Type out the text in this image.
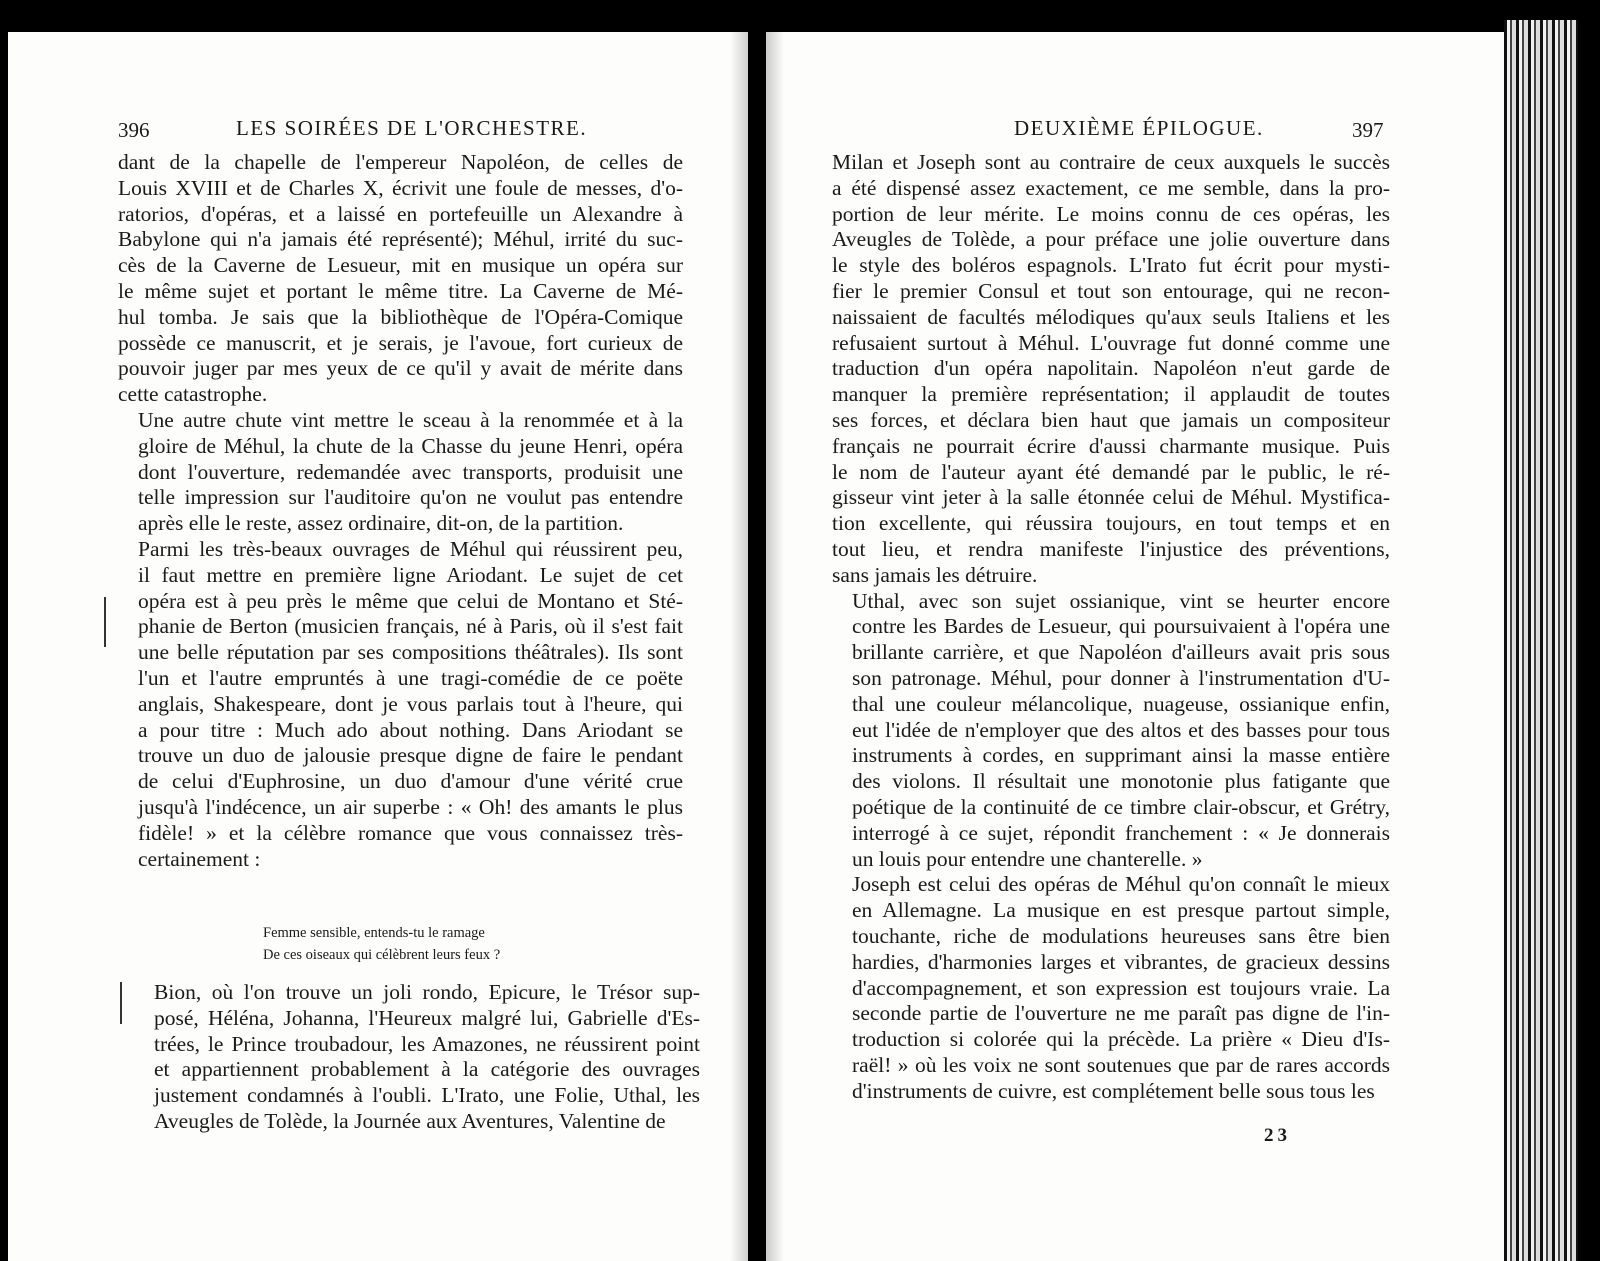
396	LES SOIRÉES DE L'ORCHESTRE.

dant de la chapelle de l'empereur Napoléon, de celles de
Louis XVIII et de Charles X, écrivit une foule de messes, d'o-
ratorios, d'opéras, et a laissé en portefeuille un Alexandre à
Babylone qui n'a jamais été représenté); Méhul, irrité du suc-
cès de la Caverne de Lesueur, mit en musique un opéra sur
le même sujet et portant le même titre. La Caverne de Mé-
hul tomba. Je sais que la bibliothèque de l'Opéra-Comique
possède ce manuscrit, et je serais, je l'avoue, fort curieux de
pouvoir juger par mes yeux de ce qu'il y avait de mérite dans
cette catastrophe.

Une autre chute vint mettre le sceau à la renommée et à la
gloire de Méhul, la chute de la Chasse du jeune Henri, opéra
dont l'ouverture, redemandée avec transports, produisit une
telle impression sur l'auditoire qu'on ne voulut pas entendre
après elle le reste, assez ordinaire, dit-on, de la partition.

Parmi les très-beaux ouvrages de Méhul qui réussirent peu,
il faut mettre en première ligne Ariodant. Le sujet de cet
opéra est à peu près le même que celui de Montano et Sté-
phanie de Berton (musicien français, né à Paris, où il s'est fait
une belle réputation par ses compositions théâtrales). Ils sont
l'un et l'autre empruntés à une tragi-comédie de ce poëte
anglais, Shakespeare, dont je vous parlais tout à l'heure, qui
a pour titre : Much ado about nothing. Dans Ariodant se
trouve un duo de jalousie presque digne de faire le pendant
de celui d'Euphrosine, un duo d'amour d'une vérité crue
jusqu'à l'indécence, un air superbe : « Oh! des amants le plus
fidèle! » et la célèbre romance que vous connaissez très-
certainement :

Femme sensible, entends-tu le ramage
De ces oiseaux qui célèbrent leurs feux ?

Bion, où l'on trouve un joli rondo, Epicure, le Trésor sup-
posé, Héléna, Johanna, l'Heureux malgré lui, Gabrielle d'Es-
trées, le Prince troubadour, les Amazones, ne réussirent point
et appartiennent probablement à la catégorie des ouvrages
justement condamnés à l'oubli. L'Irato, une Folie, Uthal, les
Aveugles de Tolède, la Journée aux Aventures, Valentine de

DEUXIÈME ÉPILOGUE.	397

Milan et Joseph sont au contraire de ceux auxquels le succès
a été dispensé assez exactement, ce me semble, dans la pro-
portion de leur mérite. Le moins connu de ces opéras, les
Aveugles de Tolède, a pour préface une jolie ouverture dans
le style des boléros espagnols. L'Irato fut écrit pour mysti-
fier le premier Consul et tout son entourage, qui ne recon-
naissaient de facultés mélodiques qu'aux seuls Italiens et les
refusaient surtout à Méhul. L'ouvrage fut donné comme une
traduction d'un opéra napolitain. Napoléon n'eut garde de
manquer la première représentation; il applaudit de toutes
ses forces, et déclara bien haut que jamais un compositeur
français ne pourrait écrire d'aussi charmante musique. Puis
le nom de l'auteur ayant été demandé par le public, le ré-
gisseur vint jeter à la salle étonnée celui de Méhul. Mystifica-
tion excellente, qui réussira toujours, en tout temps et en
tout lieu, et rendra manifeste l'injustice des préventions,
sans jamais les détruire.

Uthal, avec son sujet ossianique, vint se heurter encore
contre les Bardes de Lesueur, qui poursuivaient à l'opéra une
brillante carrière, et que Napoléon d'ailleurs avait pris sous
son patronage. Méhul, pour donner à l'instrumentation d'U-
thal une couleur mélancolique, nuageuse, ossianique enfin,
eut l'idée de n'employer que des altos et des basses pour tous
instruments à cordes, en supprimant ainsi la masse entière
des violons. Il résultait une monotonie plus fatigante que
poétique de la continuité de ce timbre clair-obscur, et Grétry,
interrogé à ce sujet, répondit franchement : « Je donnerais
un louis pour entendre une chanterelle. »

Joseph est celui des opéras de Méhul qu'on connaît le mieux
en Allemagne. La musique en est presque partout simple,
touchante, riche de modulations heureuses sans être bien
hardies, d'harmonies larges et vibrantes, de gracieux dessins
d'accompagnement, et son expression est toujours vraie. La
seconde partie de l'ouverture ne me paraît pas digne de l'in-
troduction si colorée qui la précède. La prière « Dieu d'Is-
raël! » où les voix ne sont soutenues que par de rares accords
d'instruments de cuivre, est complétement belle sous tous les

23
